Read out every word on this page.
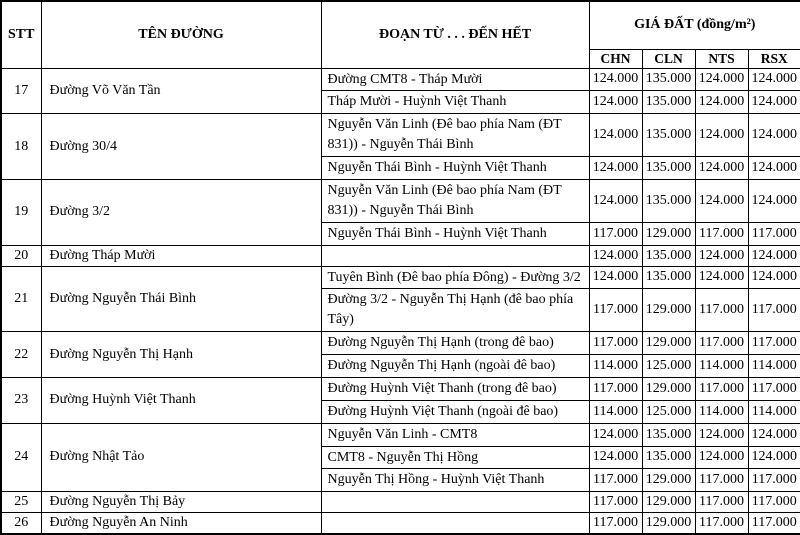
STT	TÊN ĐƯỜNG	ĐOẠN TỪ . . . ĐẾN HẾT	GIÁ ĐẤT (đồng/m²)			
			CHN	CLN	NTS	RSX
17	Đường Võ Văn Tần	Đường CMT8 - Tháp Mười	124.000	135.000	124.000	124.000
		Tháp Mười - Huỳnh Việt Thanh	124.000	135.000	124.000	124.000
18	Đường 30/4	Nguyễn Văn Linh (Đê bao phía Nam (ĐT 831)) - Nguyễn Thái Bình	124.000	135.000	124.000	124.000
		Nguyễn Thái Bình - Huỳnh Việt Thanh	124.000	135.000	124.000	124.000
19	Đường 3/2	Nguyễn Văn Linh (Đê bao phía Nam (ĐT 831)) - Nguyễn Thái Bình	124.000	135.000	124.000	124.000
		Nguyễn Thái Bình - Huỳnh Việt Thanh	117.000	129.000	117.000	117.000
20	Đường Tháp Mười		124.000	135.000	124.000	124.000
21	Đường Nguyễn Thái Bình	Tuyên Bình (Đê bao phía Đông) - Đường 3/2	124.000	135.000	124.000	124.000
		Đường 3/2 - Nguyễn Thị Hạnh (đê bao phía Tây)	117.000	129.000	117.000	117.000
22	Đường Nguyễn Thị Hạnh	Đường Nguyễn Thị Hạnh (trong đê bao)	117.000	129.000	117.000	117.000
		Đường Nguyễn Thị Hạnh (ngoài đê bao)	114.000	125.000	114.000	114.000
23	Đường Huỳnh Việt Thanh	Đường Huỳnh Việt Thanh (trong đê bao)	117.000	129.000	117.000	117.000
		Đường Huỳnh Việt Thanh (ngoài đê bao)	114.000	125.000	114.000	114.000
24	Đường Nhật Tảo	Nguyễn Văn Linh - CMT8	124.000	135.000	124.000	124.000
		CMT8 - Nguyễn Thị Hồng	124.000	135.000	124.000	124.000
		Nguyễn Thị Hồng - Huỳnh Việt Thanh	117.000	129.000	117.000	117.000
25	Đường Nguyễn Thị Bảy		117.000	129.000	117.000	117.000
26	Đường Nguyễn An Ninh		117.000	129.000	117.000	117.000
